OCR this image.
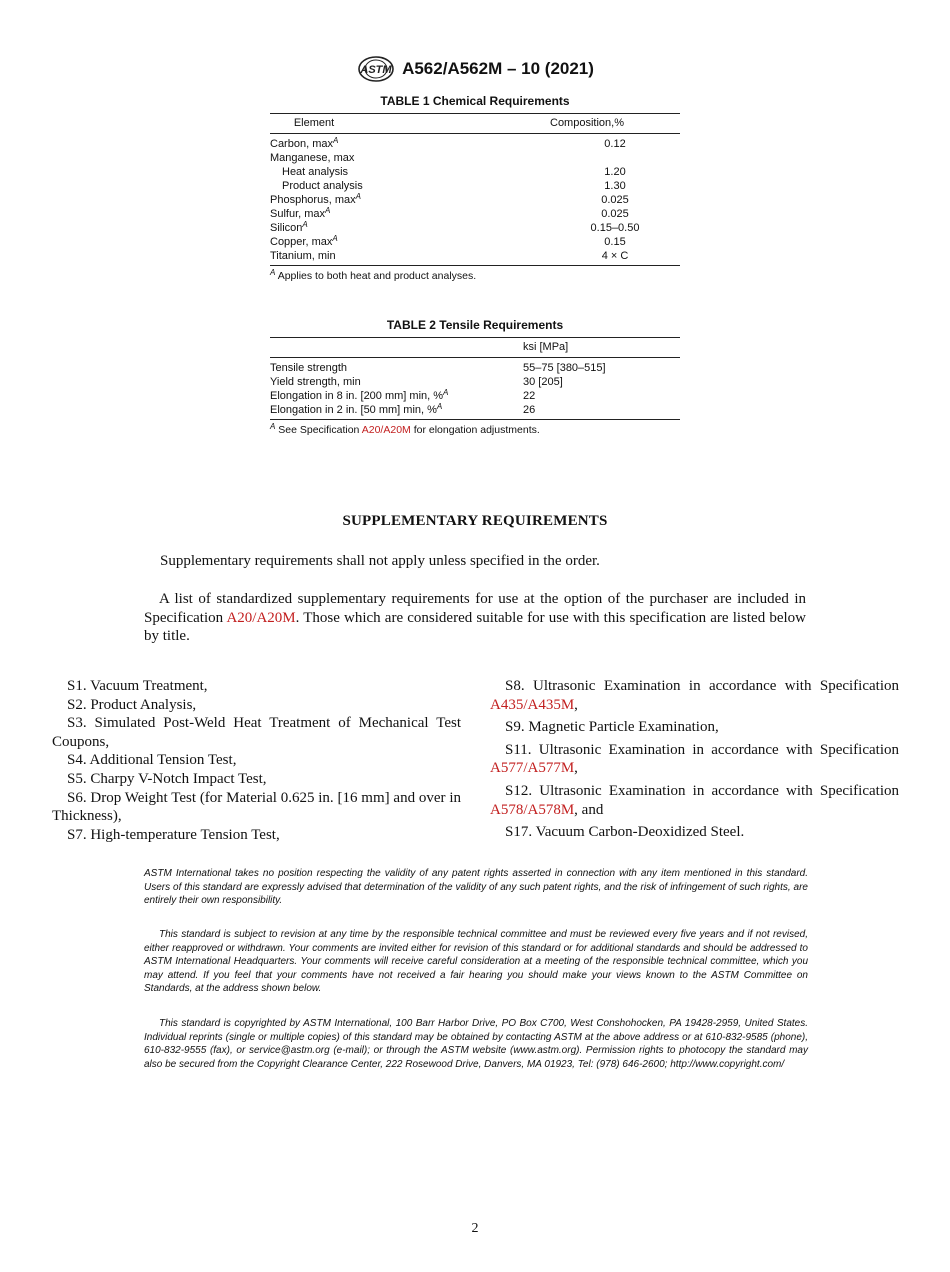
ASTM A562/A562M – 10 (2021)
TABLE 1 Chemical Requirements
Element		Composition,%
Carbon, $\max^A$		0.12
Manganese, max		
Heat analysis		1.20
Product analysis		1.30
Phosphorus, $\max^A$		0.025
Sulfur, $\max^A$		0.025
Silicon$^A$		0.15–0.50
Copper, $\max^A$		0.15
Titanium, min		4 × C
$^A$ Applies to both heat and product analyses.
TABLE 2 Tensile Requirements
	ksi [MPa]
Tensile strength	55–75 [380–515]
Yield strength, min	30 [205]
Elongation in 8 in. [200 mm] min, %$^A$	22
Elongation in 2 in. [50 mm] min, %$^A$	26
$^A$ See Specification A20/A20M for elongation adjustments.
SUPPLEMENTARY REQUIREMENTS
Supplementary requirements shall not apply unless specified in the order.
A list of standardized supplementary requirements for use at the option of the purchaser are included in Specification A20/A20M. Those which are considered suitable for use with this specification are listed below by title.
S1. Vacuum Treatment,
S2. Product Analysis,
S3. Simulated Post-Weld Heat Treatment of Mechanical Test Coupons,
S4. Additional Tension Test,
S5. Charpy V-Notch Impact Test,
S6. Drop Weight Test (for Material 0.625 in. [16 mm] and over in Thickness),
S7. High-temperature Tension Test,
S8. Ultrasonic Examination in accordance with Specification A435/A435M,
S9. Magnetic Particle Examination,
S11. Ultrasonic Examination in accordance with Specification A577/A577M,
S12. Ultrasonic Examination in accordance with Specification A578/A578M, and
S17. Vacuum Carbon-Deoxidized Steel.
ASTM International takes no position respecting the validity of any patent rights asserted in connection with any item mentioned in this standard. Users of this standard are expressly advised that determination of the validity of any such patent rights, and the risk of infringement of such rights, are entirely their own responsibility.
This standard is subject to revision at any time by the responsible technical committee and must be reviewed every five years and if not revised, either reapproved or withdrawn. Your comments are invited either for revision of this standard or for additional standards and should be addressed to ASTM International Headquarters. Your comments will receive careful consideration at a meeting of the responsible technical committee, which you may attend. If you feel that your comments have not received a fair hearing you should make your views known to the ASTM Committee on Standards, at the address shown below.
This standard is copyrighted by ASTM International, 100 Barr Harbor Drive, PO Box C700, West Conshohocken, PA 19428-2959, United States. Individual reprints (single or multiple copies) of this standard may be obtained by contacting ASTM at the above address or at 610-832-9585 (phone), 610-832-9555 (fax), or service@astm.org (e-mail); or through the ASTM website (www.astm.org). Permission rights to photocopy the standard may also be secured from the Copyright Clearance Center, 222 Rosewood Drive, Danvers, MA 01923, Tel: (978) 646-2600; http://www.copyright.com/
2
